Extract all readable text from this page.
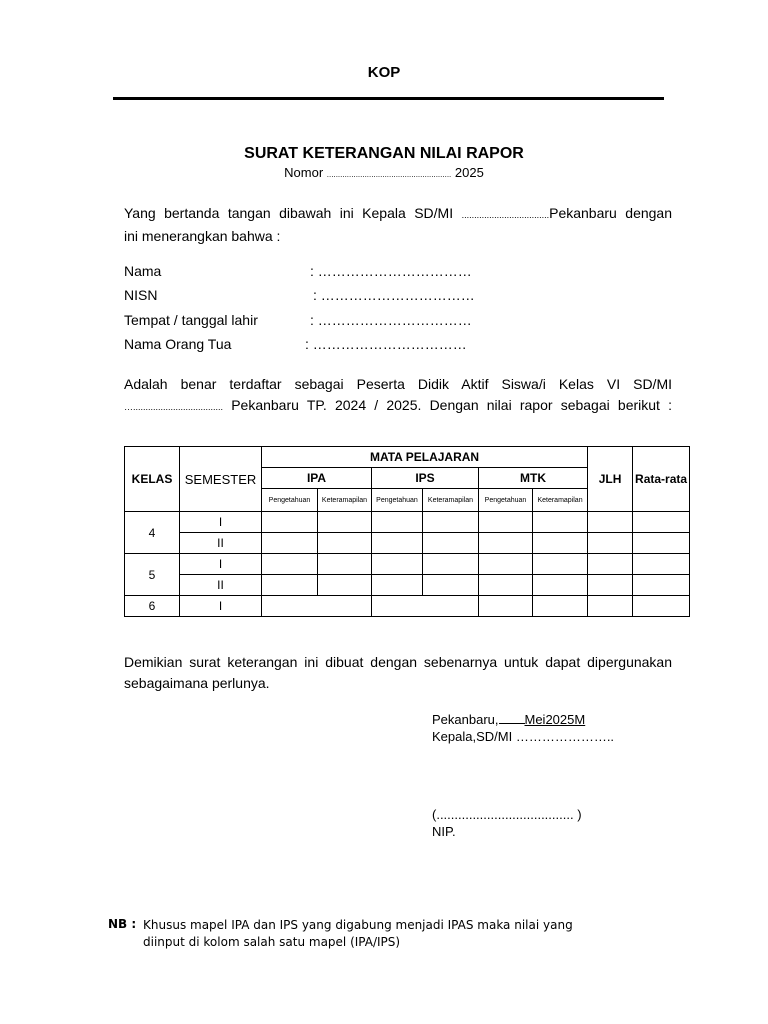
KOP
SURAT KETERANGAN NILAI RAPOR
Nomor ........................................................ 2025
Yang bertanda tangan dibawah ini Kepala SD/MI ...................................Pekanbaru dengan
ini menerangkan bahwa :
Nama	: ……………………………
NISN	: ……………………………
Tempat / tanggal lahir	: ……………………………
Nama Orang Tua	: ……………………………
Adalah benar terdaftar sebagai Peserta Didik Aktif Siswa/i Kelas VI SD/MI
….................................... Pekanbaru TP. 2024 / 2025. Dengan nilai rapor sebagai berikut :
KELAS	SEMESTER	MATA PELAJARAN						JLH	Rata-rata
		IPA		IPS		MTK			
		Pengetahuan	Keteramapilan	Pengetahuan	Keteramapilan	Pengetahuan	Keteramapilan		
4	I								
	II								
5	I								
	II								
6	I								
Demikian surat keterangan ini dibuat dengan sebenarnya untuk dapat dipergunakan
sebagaimana perlunya.
Pekanbaru, Mei2025M
Kepala,SD/MI …………………..
(...................................... )
NIP.
NB : Khusus mapel IPA dan IPS yang digabung menjadi IPAS maka nilai yang diinput di kolom salah satu mapel (IPA/IPS)
